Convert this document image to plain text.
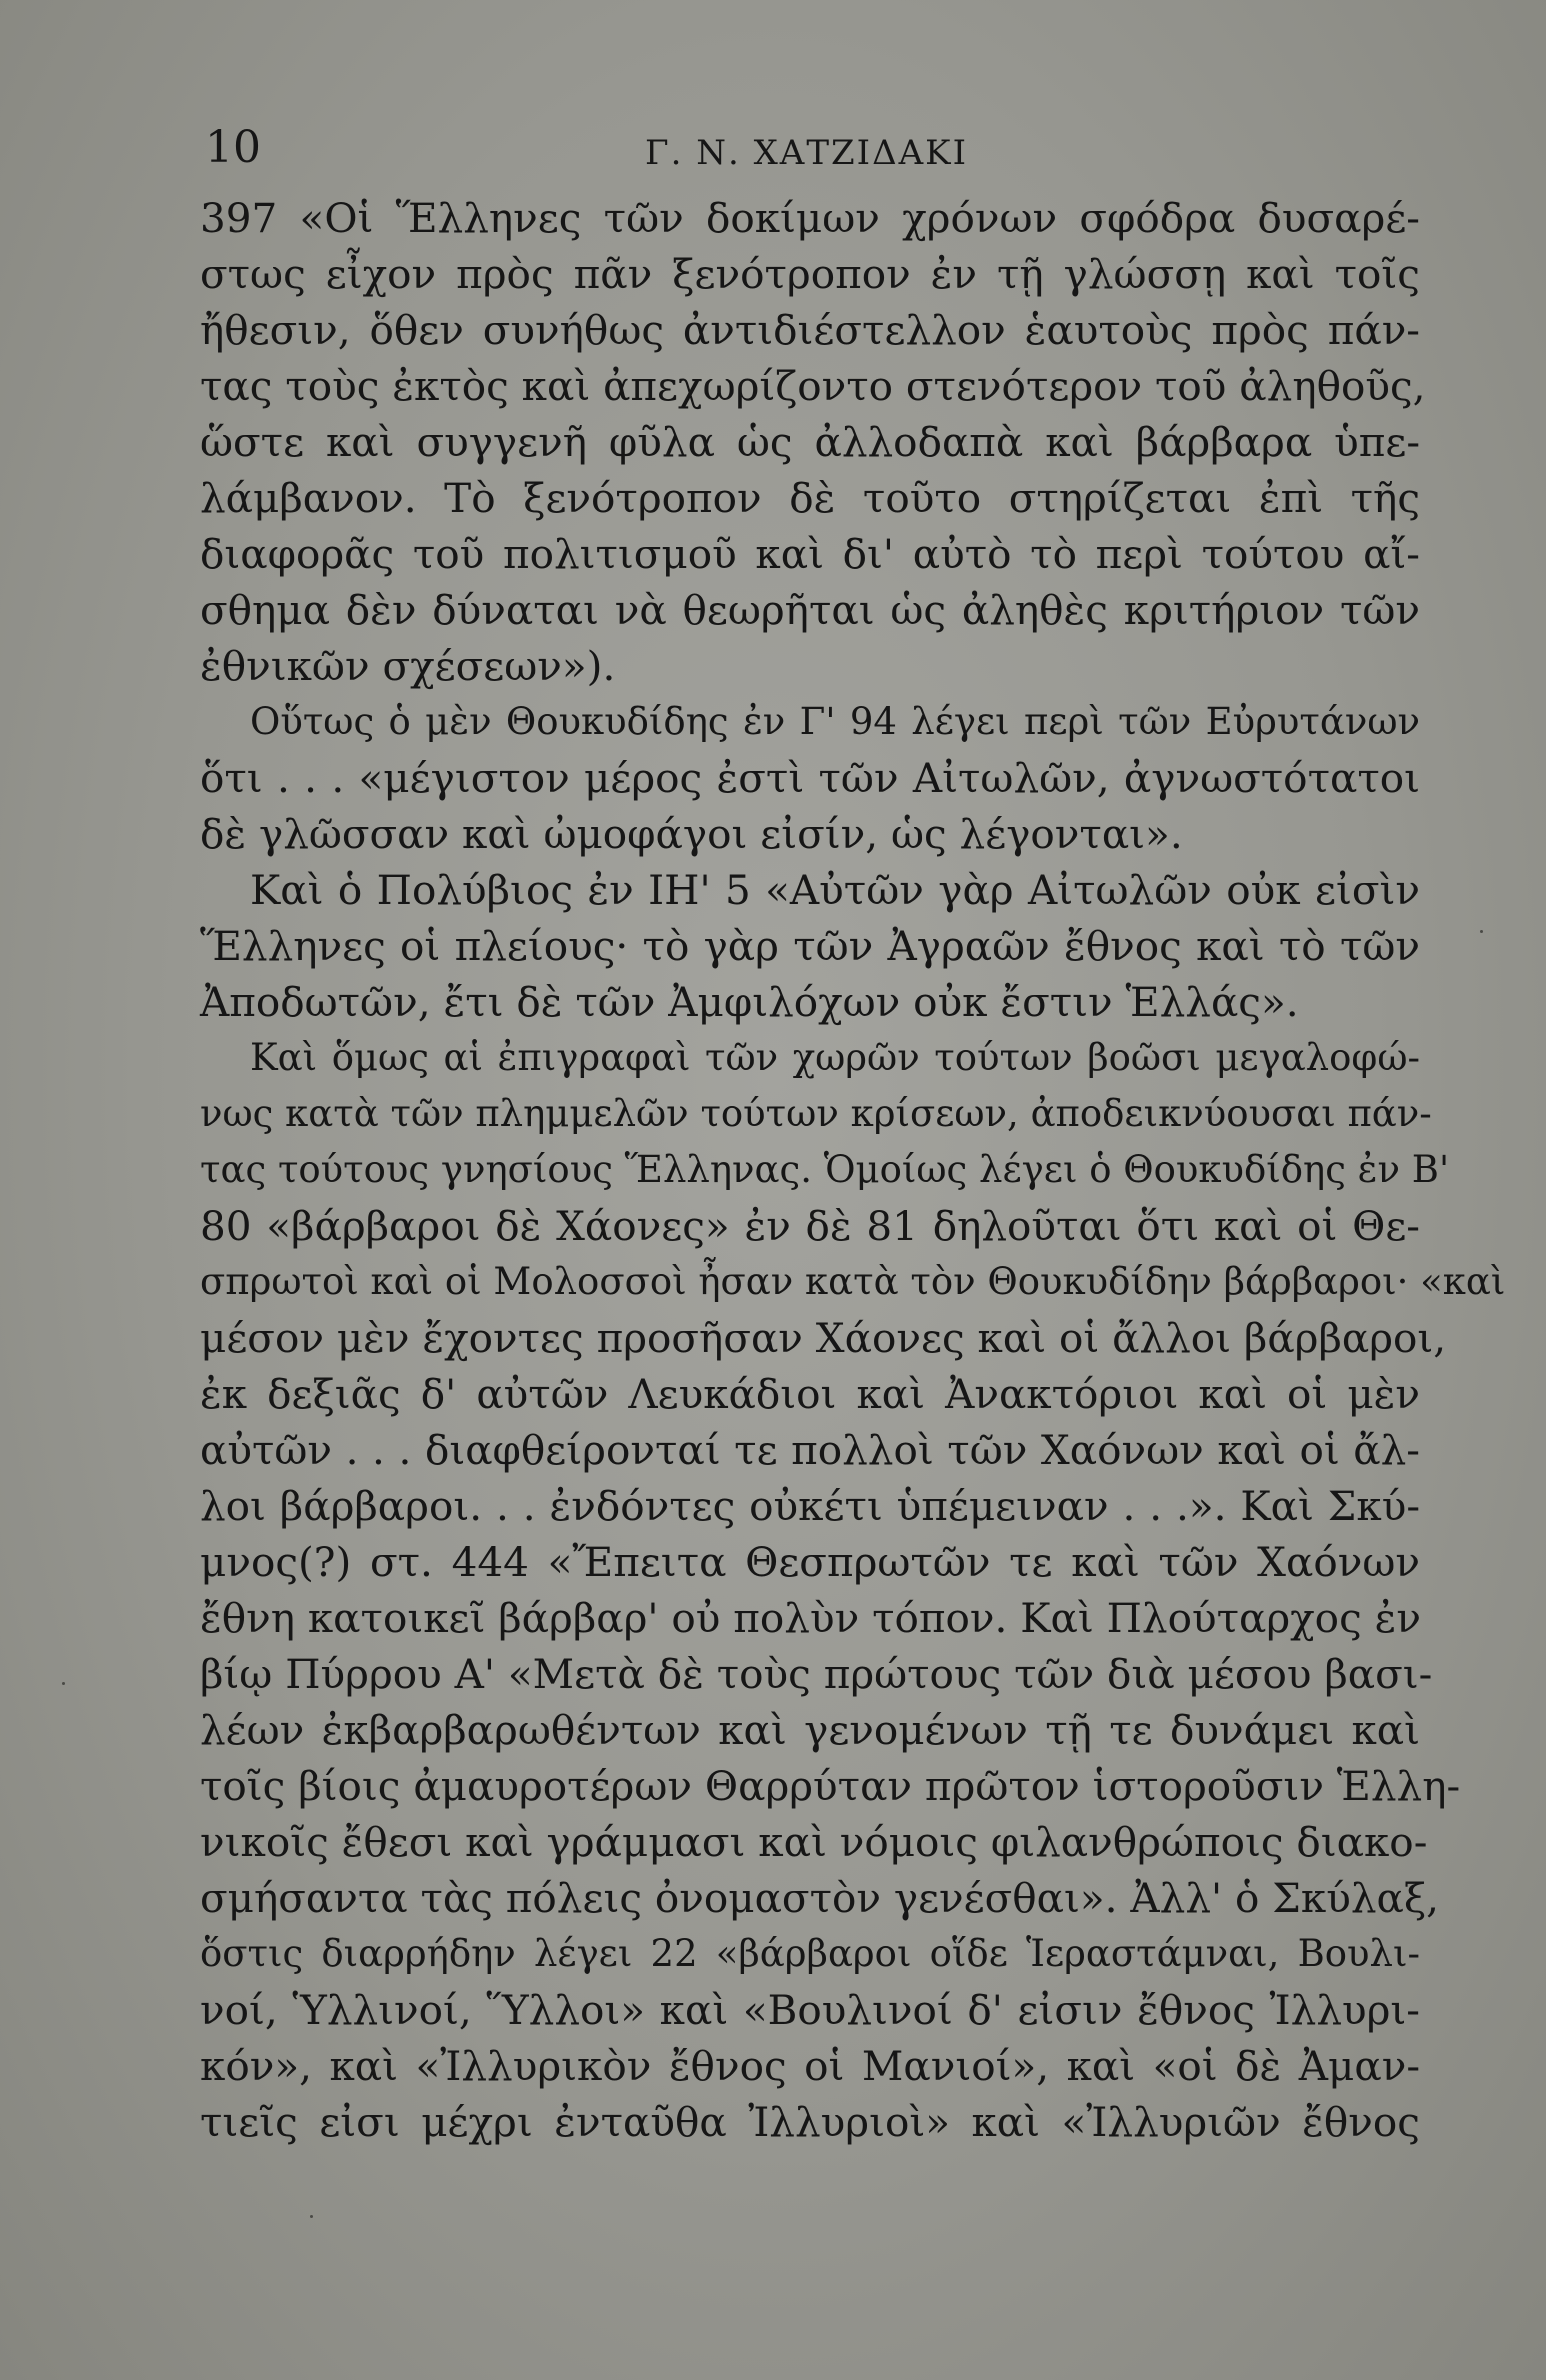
10	Γ. Ν. ΧΑΤΖΙΔΑΚΙ
397 «Οἱ Ἕλληνες τῶν δοκίμων χρόνων σφόδρα δυσαρέ-
στως εἶχον πρὸς πᾶν ξενότροπον ἐν τῇ γλώσσῃ καὶ τοῖς
ἤθεσιν, ὅθεν συνήθως ἀντιδιέστελλον ἑαυτοὺς πρὸς πάν-
τας τοὺς ἐκτὸς καὶ ἀπεχωρίζοντο στενότερον τοῦ ἀληθοῦς,
ὥστε καὶ συγγενῆ φῦλα ὡς ἀλλοδαπὰ καὶ βάρβαρα ὑπε-
λάμβανον. Τὸ ξενότροπον δὲ τοῦτο στηρίζεται ἐπὶ τῆς
διαφορᾶς τοῦ πολιτισμοῦ καὶ δι' αὐτὸ τὸ περὶ τούτου αἴ-
σθημα δὲν δύναται νὰ θεωρῆται ὡς ἀληθὲς κριτήριον τῶν
ἐθνικῶν σχέσεων»).
Οὕτως ὁ μὲν Θουκυδίδης ἐν Γ' 94 λέγει περὶ τῶν Εὐρυτάνων
ὅτι . . . «μέγιστον μέρος ἐστὶ τῶν Αἰτωλῶν, ἀγνωστότατοι
δὲ γλῶσσαν καὶ ὠμοφάγοι εἰσίν, ὡς λέγονται».
Καὶ ὁ Πολύβιος ἐν ΙΗ' 5 «Αὐτῶν γὰρ Αἰτωλῶν οὐκ εἰσὶν
Ἕλληνες οἱ πλείους· τὸ γὰρ τῶν Ἀγραῶν ἔθνος καὶ τὸ τῶν
Ἀποδωτῶν, ἔτι δὲ τῶν Ἀμφιλόχων οὐκ ἔστιν Ἑλλάς».
Καὶ ὅμως αἱ ἐπιγραφαὶ τῶν χωρῶν τούτων βοῶσι μεγαλοφώ-
νως κατὰ τῶν πλημμελῶν τούτων κρίσεων, ἀποδεικνύουσαι πάν-
τας τούτους γνησίους Ἕλληνας. Ὁμοίως λέγει ὁ Θουκυδίδης ἐν Β'
80 «βάρβαροι δὲ Χάονες» ἐν δὲ 81 δηλοῦται ὅτι καὶ οἱ Θε-
σπρωτοὶ καὶ οἱ Μολοσσοὶ ἦσαν κατὰ τὸν Θουκυδίδην βάρβαροι· «καὶ
μέσον μὲν ἔχοντες προσῆσαν Χάονες καὶ οἱ ἄλλοι βάρβαροι,
ἐκ δεξιᾶς δ' αὐτῶν Λευκάδιοι καὶ Ἀνακτόριοι καὶ οἱ μὲν
αὐτῶν . . . διαφθείρονταί τε πολλοὶ τῶν Χαόνων καὶ οἱ ἄλ-
λοι βάρβαροι. . . ἐνδόντες οὐκέτι ὑπέμειναν . . .». Καὶ Σκύ-
μνος(?) στ. 444 «Ἔπειτα Θεσπρωτῶν τε καὶ τῶν Χαόνων
ἔθνη κατοικεῖ βάρβαρ' οὐ πολὺν τόπον. Καὶ Πλούταρχος ἐν
βίῳ Πύρρου Α' «Μετὰ δὲ τοὺς πρώτους τῶν διὰ μέσου βασι-
λέων ἐκβαρβαρωθέντων καὶ γενομένων τῇ τε δυνάμει καὶ
τοῖς βίοις ἀμαυροτέρων Θαρρύταν πρῶτον ἱστοροῦσιν Ἑλλη-
νικοῖς ἔθεσι καὶ γράμμασι καὶ νόμοις φιλανθρώποις διακο-
σμήσαντα τὰς πόλεις ὀνομαστὸν γενέσθαι». Ἀλλ' ὁ Σκύλαξ,
ὅστις διαρρήδην λέγει 22 «βάρβαροι οἵδε Ἱεραστάμναι, Βουλι-
νοί, Ὑλλινοί, Ὕλλοι» καὶ «Βουλινοί δ' εἰσιν ἔθνος Ἰλλυρι-
κόν», καὶ «Ἰλλυρικὸν ἔθνος οἱ Μανιοί», καὶ «οἱ δὲ Ἀμαν-
τιεῖς εἰσι μέχρι ἐνταῦθα Ἰλλυριοὶ» καὶ «Ἰλλυριῶν ἔθνος
